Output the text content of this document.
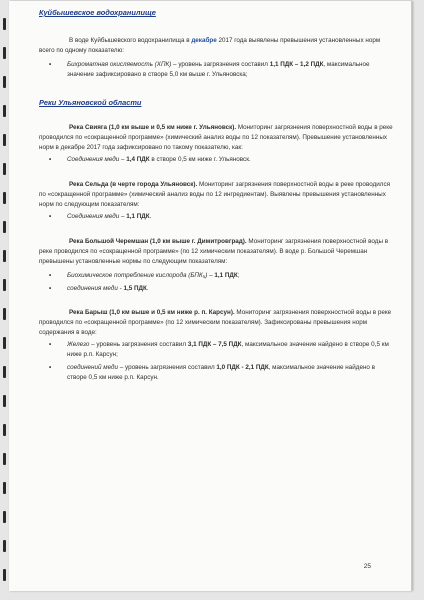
Куйбышевское водохранилище

В воде Куйбышевского водохранилища в декабре 2017 года выявлены превышения установленных норм всего по одному показателю:

•	Бихроматная окисляемость (ХПК) – уровень загрязнения составил 1,1 ПДК – 1,2 ПДК, максимальное значение зафиксировано в створе 5,0 км выше г. Ульяновска;
Реки Ульяновской области

Река Свияга (1,0 км выше и 0,5 км ниже г. Ульяновск). Мониторинг загрязнения поверхностной воды в реке проводился по «сокращенной программе» (химический анализ воды по 12 показателям). Превышение установленных норм в декабре 2017 года зафиксировано по такому показателю, как:

•	Соединения меди – 1,4 ПДК в створе 0,5 км ниже г. Ульяновск.

Река Сельда (в черте города Ульяновск). Мониторинг загрязнения поверхностной воды в реке проводился по «сокращенной программе» (химический анализ воды по 12 ингредиентам). Выявлены превышения установленных норм по следующим показателям:

•	Соединения меди – 1,1 ПДК.

Река Большой Черемшан (1,0 км выше г. Димитровград). Мониторинг загрязнения поверхностной воды в реке проводился по «сокращенной программе» (по 12 химическим показателям). В воде р. Большой Черемшан превышены установленные нормы по следующим показателям:

•	Биохимическое потребление кислорода (БПК₅) – 1,1 ПДК;
•	соединения меди - 1,5 ПДК.

Река Барыш (1,0 км выше и 0,5 км ниже р. п. Карсун). Мониторинг загрязнения поверхностной воды в реке проводился по «сокращенной программе» (по 12 химическим показателям). Зафиксированы превышения норм содержания в воде:

•	Железо – уровень загрязнения составил 3,1 ПДК – 7,5 ПДК, максимальное значение найдено в створе 0,5 км ниже р.п. Карсун;
•	соединений меди – уровень загрязнения составил 1,0 ПДК - 2,1 ПДК, максимальное значение найдено в створе 0,5 км ниже р.п. Карсун.
25
